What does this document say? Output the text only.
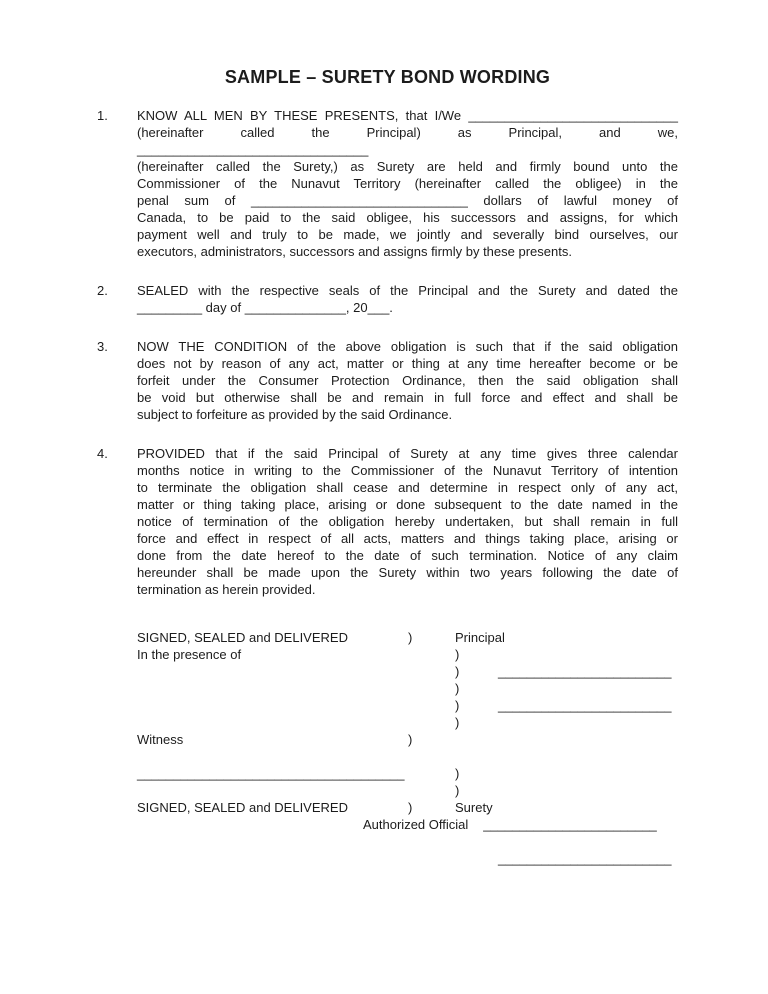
SAMPLE – SURETY BOND WORDING
1.	KNOW ALL MEN BY THESE PRESENTS, that I/We _____________________________
(hereinafter called the Principal) as Principal, and we, ________________________________
(hereinafter called the Surety,) as Surety are held and firmly bound unto the
Commissioner of the Nunavut Territory (hereinafter called the obligee) in the
penal sum of ______________________________ dollars of lawful money of
Canada, to be paid to the said obligee, his successors and assigns, for which
payment well and truly to be made, we jointly and severally bind ourselves, our
executors, administrators, successors and assigns firmly by these presents.
2.	SEALED with the respective seals of the Principal and the Surety and dated the
_________ day of ______________, 20___.
3.	NOW THE CONDITION of the above obligation is such that if the said obligation
does not by reason of any act, matter or thing at any time hereafter become or be
forfeit under the Consumer Protection Ordinance, then the said obligation shall
be void but otherwise shall be and remain in full force and effect and shall be
subject to forfeiture as provided by the said Ordinance.
4.	PROVIDED that if the said Principal of Surety at any time gives three calendar
months notice in writing to the Commissioner of the Nunavut Territory of intention
to terminate the obligation shall cease and determine in respect only of any act,
matter or thing taking place, arising or done subsequent to the date named in the
notice of termination of the obligation hereby undertaken, but shall remain in full
force and effect in respect of all acts, matters and things taking place, arising or
done from the date hereof to the date of such termination. Notice of any claim
hereunder shall be made upon the Surety within two years following the date of
termination as herein provided.
SIGNED, SEALED and DELIVERED	)	Principal
In the presence of	)
)	________________________
)
)	________________________
)
Witness	)
_____________________________________	)
)
SIGNED, SEALED and DELIVERED	)	Surety
Authorized Official ________________________
________________________
